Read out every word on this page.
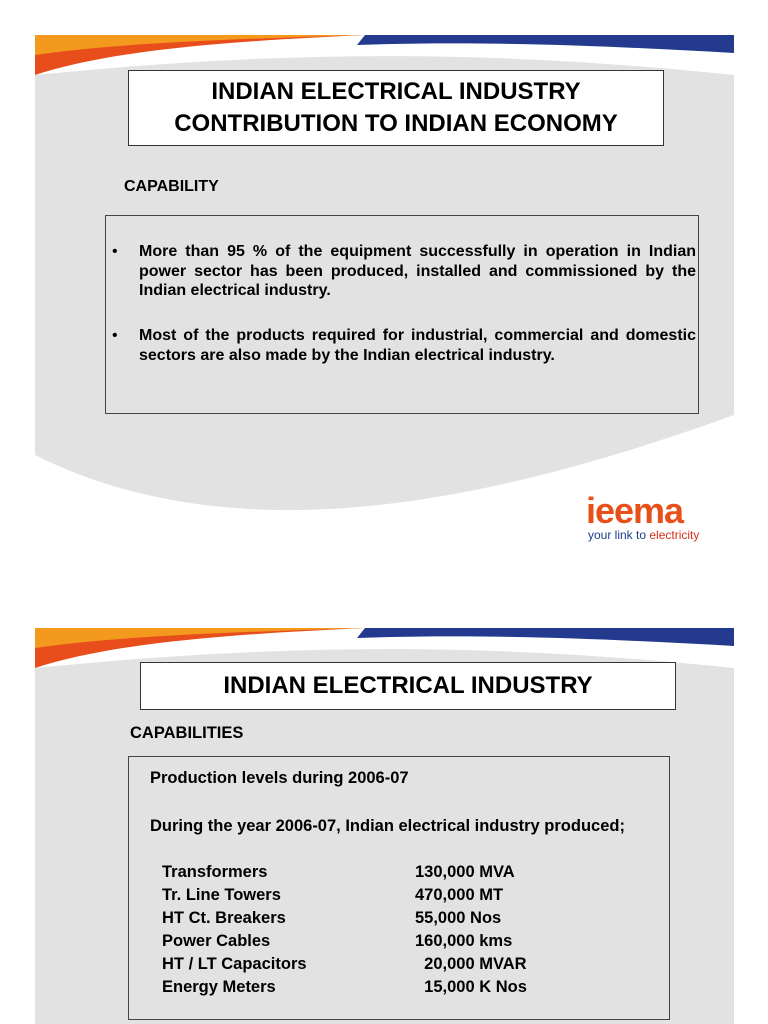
INDIAN ELECTRICAL INDUSTRY
CONTRIBUTION TO INDIAN ECONOMY
CAPABILITY
• More than 95 % of the equipment successfully in operation in Indian power sector has been produced, installed and commissioned by the Indian electrical industry.
• Most of the products required for industrial, commercial and domestic sectors are also made by the Indian electrical industry.
ieema
your link to electricity
INDIAN ELECTRICAL INDUSTRY
CAPABILITIES
Production levels during 2006-07
During the year 2006-07, Indian electrical industry produced;
Transformers	130,000 MVA
Tr. Line Towers	470,000 MT
HT Ct. Breakers	55,000 Nos
Power Cables	160,000 kms
HT / LT Capacitors	20,000 MVAR
Energy Meters	15,000 K Nos
